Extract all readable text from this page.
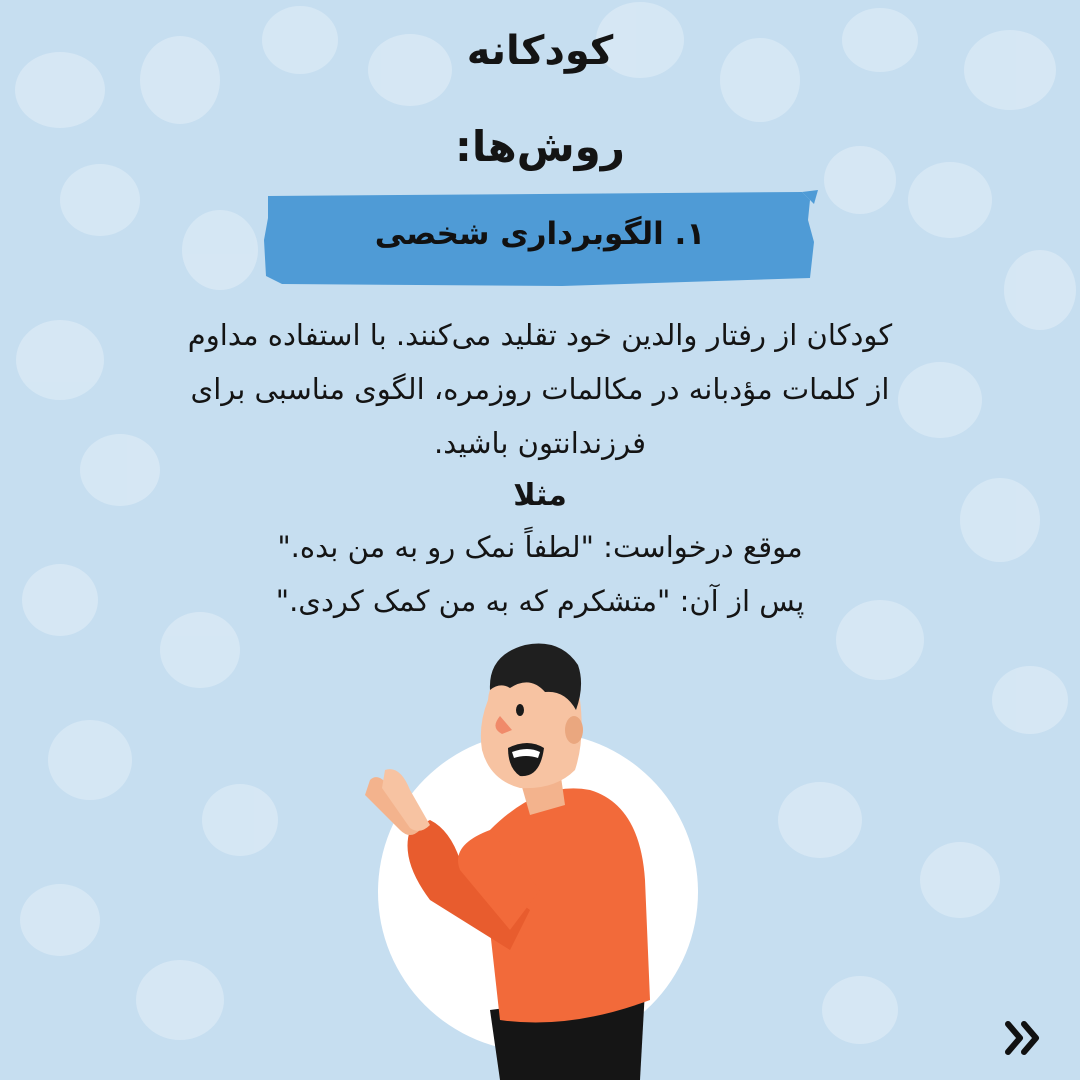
کودکانه
روش‌ها:
۱. الگوبرداری شخصی
کودکان از رفتار والدین خود تقلید می‌کنند. با استفاده مداوم
از کلمات مؤدبانه در مکالمات روزمره، الگوی مناسبی برای
فرزندانتون باشید.
مثلا
موقع درخواست: "لطفاً نمک رو به من بده."
پس از آن: "متشکرم که به من کمک کردی."
